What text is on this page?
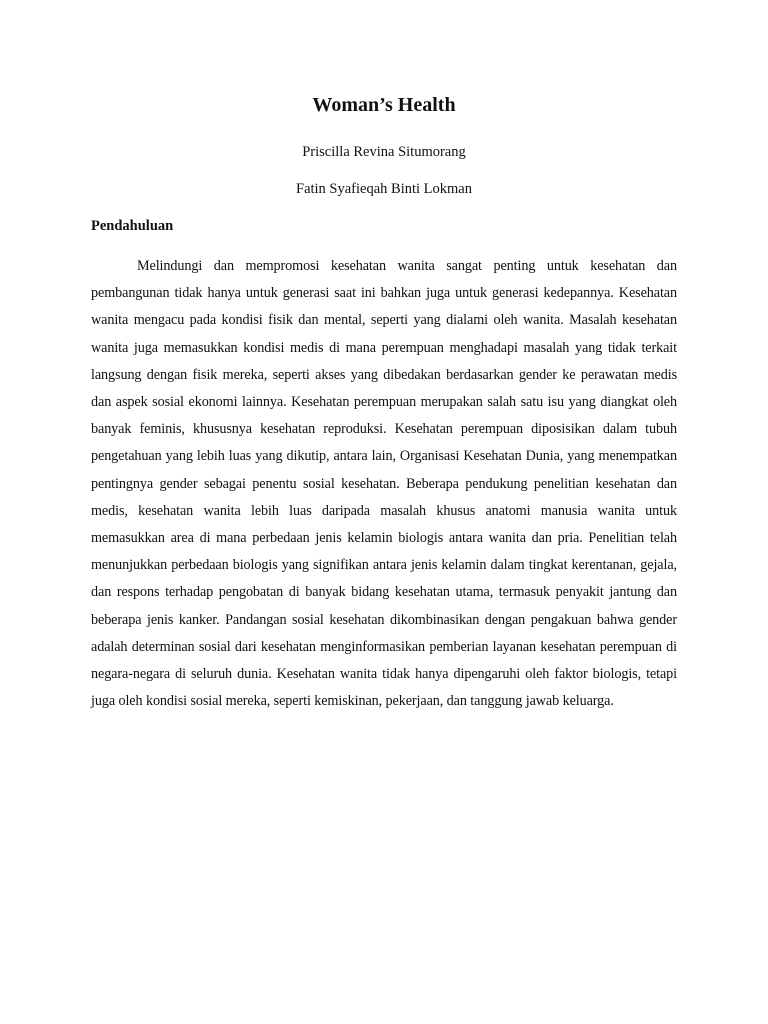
Woman’s Health

Priscilla Revina Situmorang

Fatin Syafieqah Binti Lokman

Pendahuluan

Melindungi dan mempromosi kesehatan wanita sangat penting untuk kesehatan dan pembangunan tidak hanya untuk generasi saat ini bahkan juga untuk generasi kedepannya. Kesehatan wanita mengacu pada kondisi fisik dan mental, seperti yang dialami oleh wanita. Masalah kesehatan wanita juga memasukkan kondisi medis di mana perempuan menghadapi masalah yang tidak terkait langsung dengan fisik mereka, seperti akses yang dibedakan berdasarkan gender ke perawatan medis dan aspek sosial ekonomi lainnya. Kesehatan perempuan merupakan salah satu isu yang diangkat oleh banyak feminis, khususnya kesehatan reproduksi. Kesehatan perempuan diposisikan dalam tubuh pengetahuan yang lebih luas yang dikutip, antara lain, Organisasi Kesehatan Dunia, yang menempatkan pentingnya gender sebagai penentu sosial kesehatan. Beberapa pendukung penelitian kesehatan dan medis, kesehatan wanita lebih luas daripada masalah khusus anatomi manusia wanita untuk memasukkan area di mana perbedaan jenis kelamin biologis antara wanita dan pria. Penelitian telah menunjukkan perbedaan biologis yang signifikan antara jenis kelamin dalam tingkat kerentanan, gejala, dan respons terhadap pengobatan di banyak bidang kesehatan utama, termasuk penyakit jantung dan beberapa jenis kanker. Pandangan sosial kesehatan dikombinasikan dengan pengakuan bahwa gender adalah determinan sosial dari kesehatan menginformasikan pemberian layanan kesehatan perempuan di negara-negara di seluruh dunia. Kesehatan wanita tidak hanya dipengaruhi oleh faktor biologis, tetapi juga oleh kondisi sosial mereka, seperti kemiskinan, pekerjaan, dan tanggung jawab keluarga.
